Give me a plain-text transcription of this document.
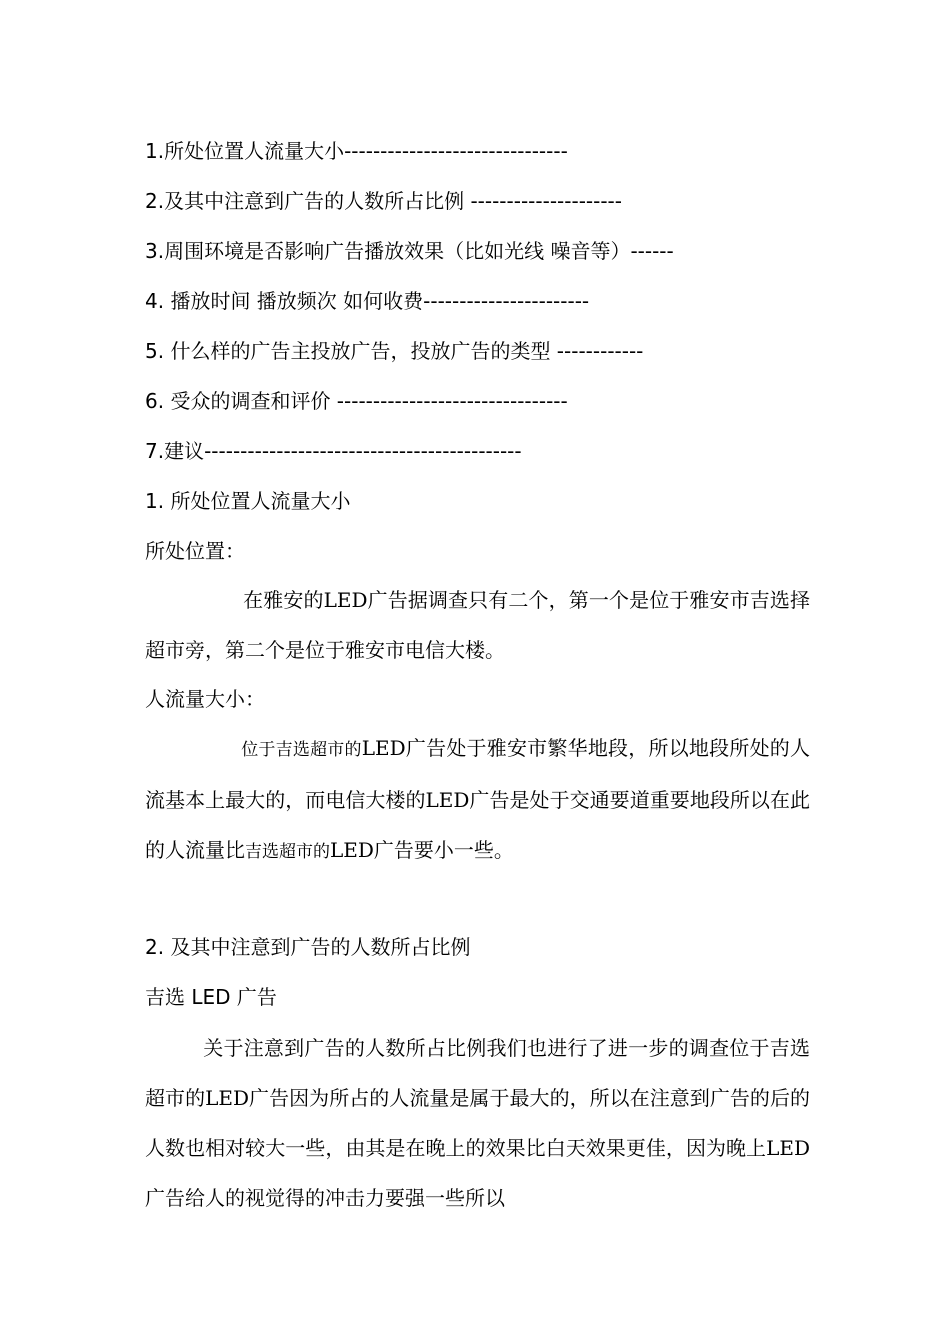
1.所处位置人流量大小-------------------------------
2.及其中注意到广告的人数所占比例 ---------------------
3.周围环境是否影响广告播放效果（比如光线 噪音等）------
4. 播放时间 播放频次 如何收费-----------------------
5. 什么样的广告主投放广告，投放广告的类型 ------------
6. 受众的调查和评价 --------------------------------
7.建议--------------------------------------------
1. 所处位置人流量大小
所处位置：
在雅安的LED广告据调查只有二个，第一个是位于雅安市吉选择超市旁，第二个是位于雅安市电信大楼。
人流量大小：
位于吉选超市的LED广告处于雅安市繁华地段，所以地段所处的人流基本上最大的，而电信大楼的LED广告是处于交通要道重要地段所以在此的人流量比吉选超市的LED广告要小一些。
2. 及其中注意到广告的人数所占比例
吉选 LED 广告
关于注意到广告的人数所占比例我们也进行了进一步的调查位于吉选超市的LED广告因为所占的人流量是属于最大的，所以在注意到广告的后的人数也相对较大一些，由其是在晚上的效果比白天效果更佳，因为晚上LED广告给人的视觉得的冲击力要强一些所以
